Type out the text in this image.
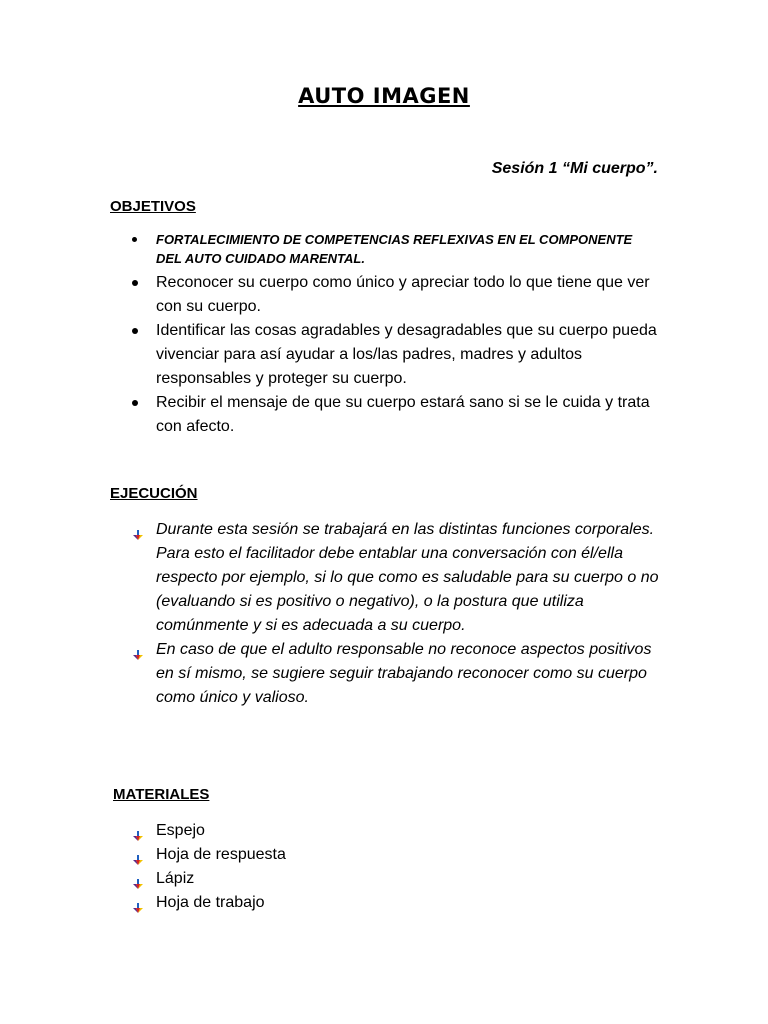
AUTO IMAGEN
Sesión 1 “Mi cuerpo”.
OBJETIVOS
FORTALECIMIENTO DE COMPETENCIAS REFLEXIVAS EN EL COMPONENTE DEL AUTO CUIDADO MARENTAL.
Reconocer su cuerpo como único y apreciar todo lo que tiene que ver con su cuerpo.
Identificar las cosas agradables y desagradables que su cuerpo pueda vivenciar para así ayudar a los/las padres, madres y adultos responsables y proteger su cuerpo.
Recibir el mensaje de que su cuerpo estará sano si se le cuida y trata con afecto.
EJECUCIÓN
Durante esta sesión se trabajará en las distintas funciones corporales. Para esto el facilitador debe entablar una conversación con él/ella respecto por ejemplo, si lo que como es saludable para su cuerpo o no (evaluando si es positivo o negativo), o la postura que utiliza comúnmente y si es adecuada a su cuerpo.
En caso de que el adulto responsable no reconoce aspectos positivos en sí mismo, se sugiere seguir trabajando reconocer como su cuerpo como único y valioso.
MATERIALES
Espejo
Hoja de respuesta
Lápiz
Hoja de trabajo
